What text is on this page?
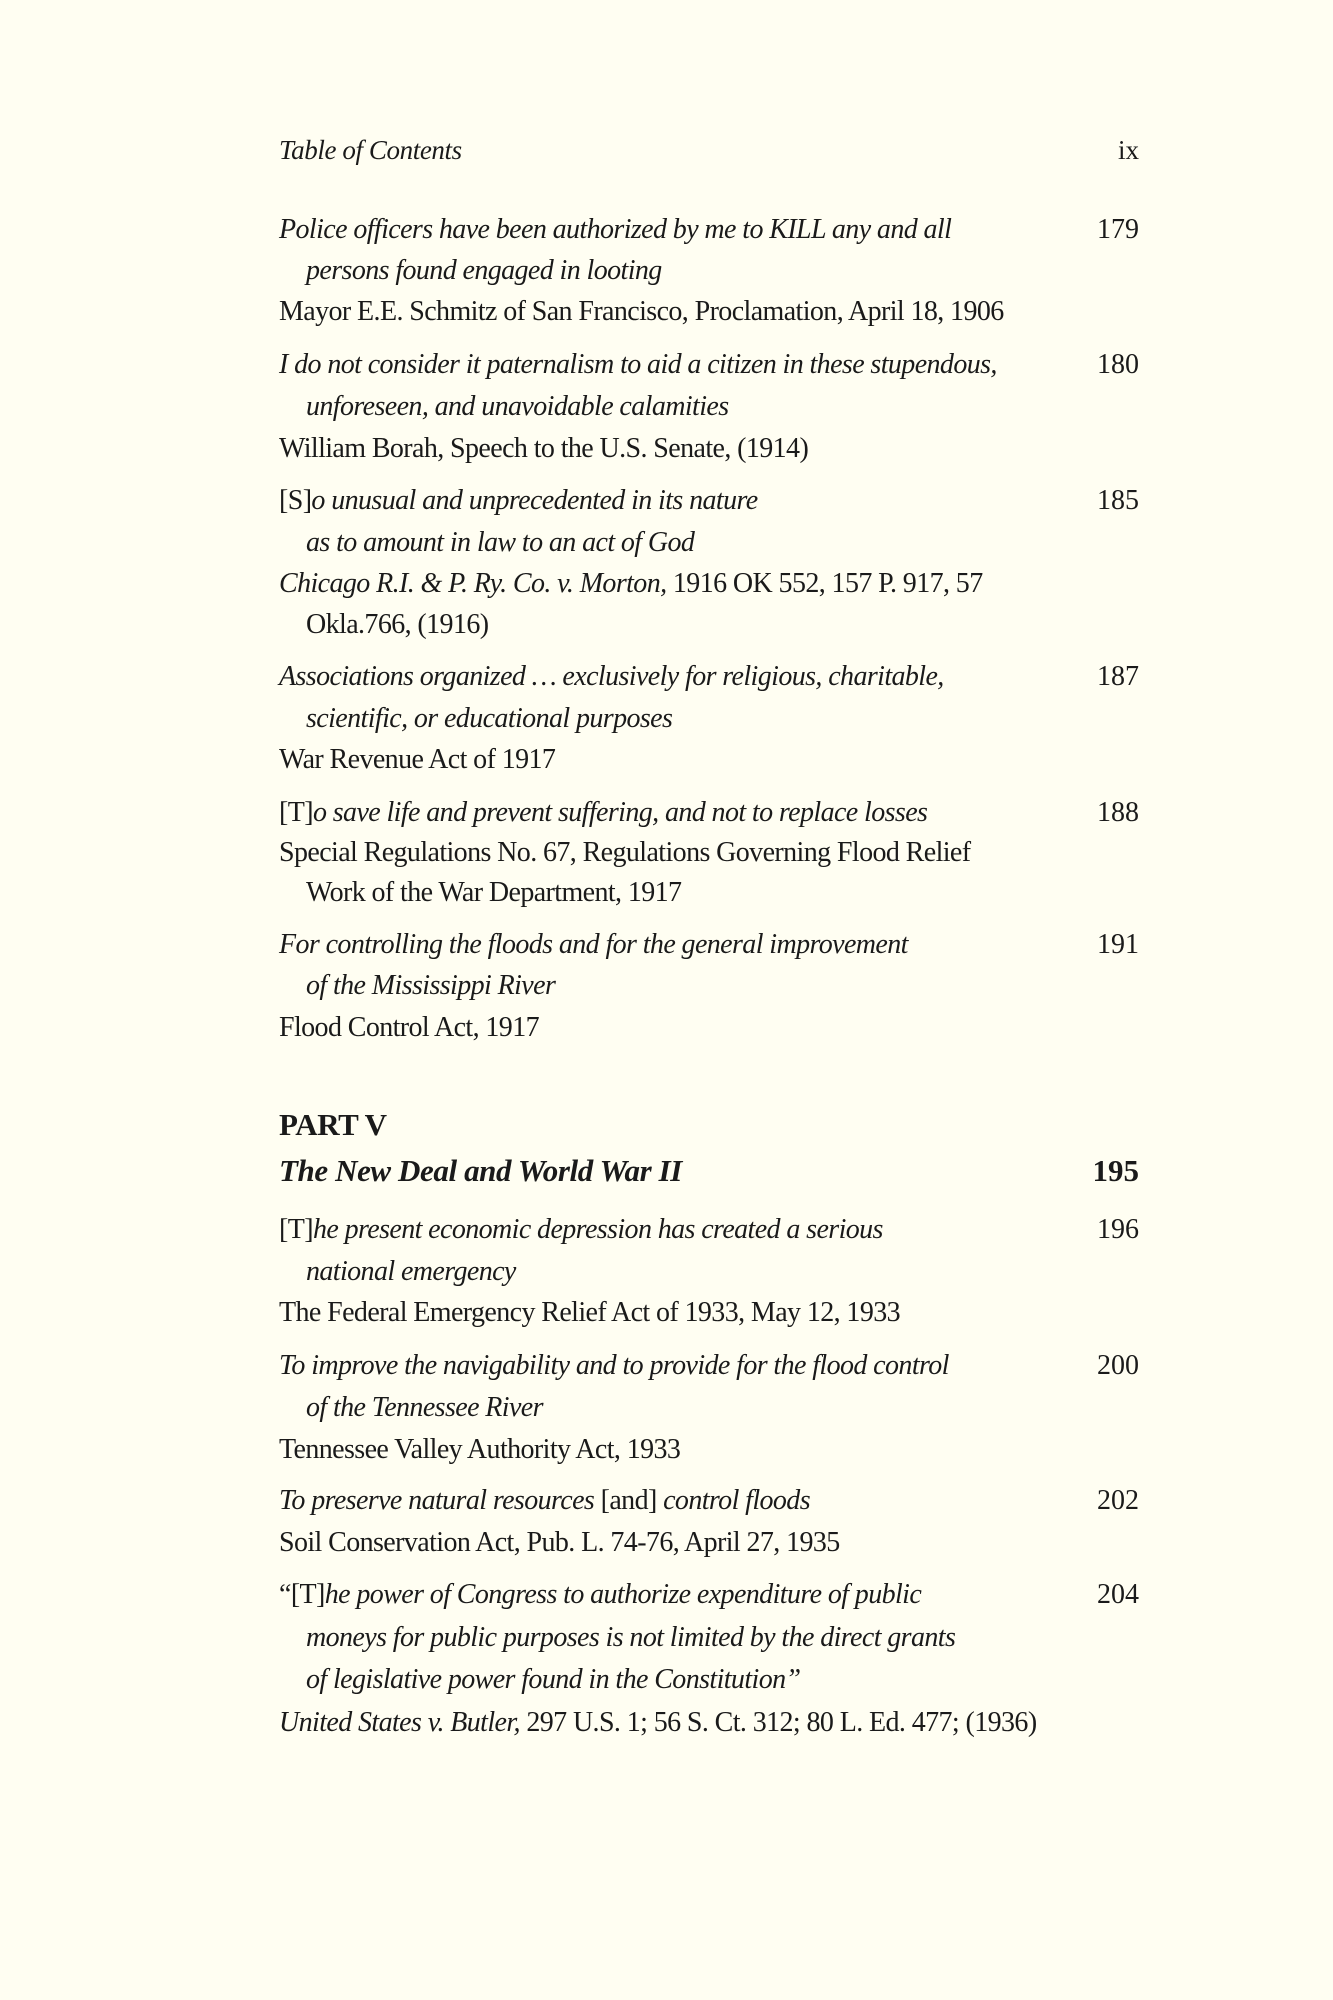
Table of Contents	ix
Police officers have been authorized by me to KILL any and all	179
persons found engaged in looting
Mayor E.E. Schmitz of San Francisco, Proclamation, April 18, 1906
I do not consider it paternalism to aid a citizen in these stupendous,	180
unforeseen, and unavoidable calamities
William Borah, Speech to the U.S. Senate, (1914)
[S]o unusual and unprecedented in its nature	185
as to amount in law to an act of God
Chicago R.I. & P. Ry. Co. v. Morton, 1916 OK 552, 157 P. 917, 57
Okla.766, (1916)
Associations organized … exclusively for religious, charitable,	187
scientific, or educational purposes
War Revenue Act of 1917
[T]o save life and prevent suffering, and not to replace losses	188
Special Regulations No. 67, Regulations Governing Flood Relief
Work of the War Department, 1917
For controlling the floods and for the general improvement	191
of the Mississippi River
Flood Control Act, 1917
PART V
The New Deal and World War II	195
[T]he present economic depression has created a serious	196
national emergency
The Federal Emergency Relief Act of 1933, May 12, 1933
To improve the navigability and to provide for the flood control	200
of the Tennessee River
Tennessee Valley Authority Act, 1933
To preserve natural resources [and] control floods	202
Soil Conservation Act, Pub. L. 74-76, April 27, 1935
“[T]he power of Congress to authorize expenditure of public	204
moneys for public purposes is not limited by the direct grants
of legislative power found in the Constitution”
United States v. Butler, 297 U.S. 1; 56 S. Ct. 312; 80 L. Ed. 477; (1936)
